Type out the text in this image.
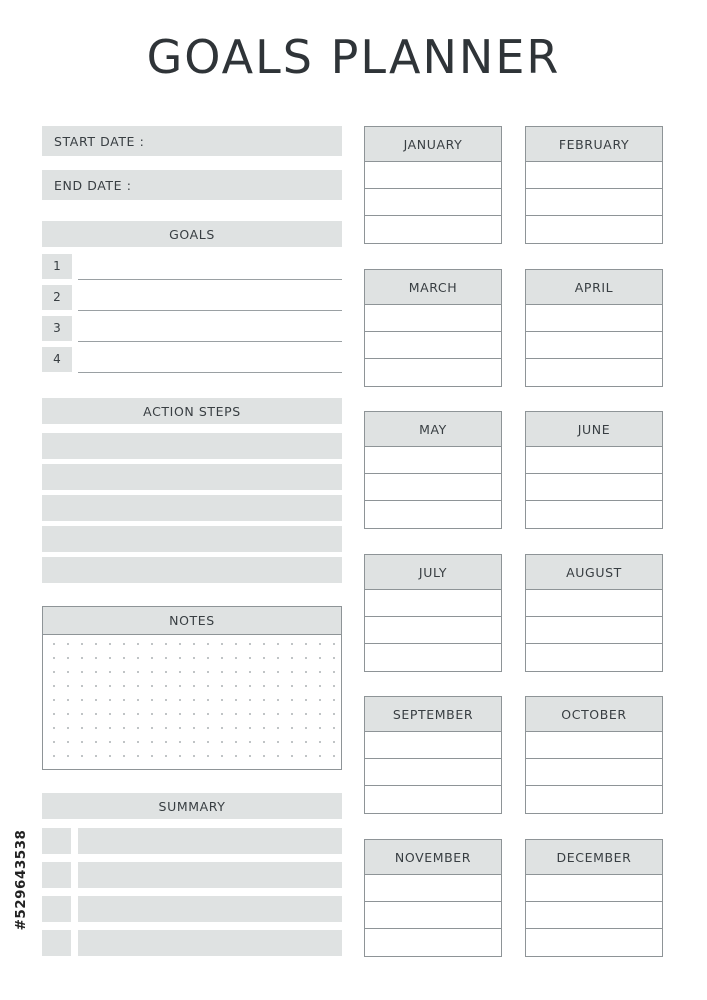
GOALS PLANNER
START DATE :
END DATE :
GOALS
1
2
3
4
ACTION STEPS
NOTES
SUMMARY
JANUARY	FEBRUARY
MARCH	APRIL
MAY	JUNE
JULY	AUGUST
SEPTEMBER	OCTOBER
NOVEMBER	DECEMBER
#529643538
